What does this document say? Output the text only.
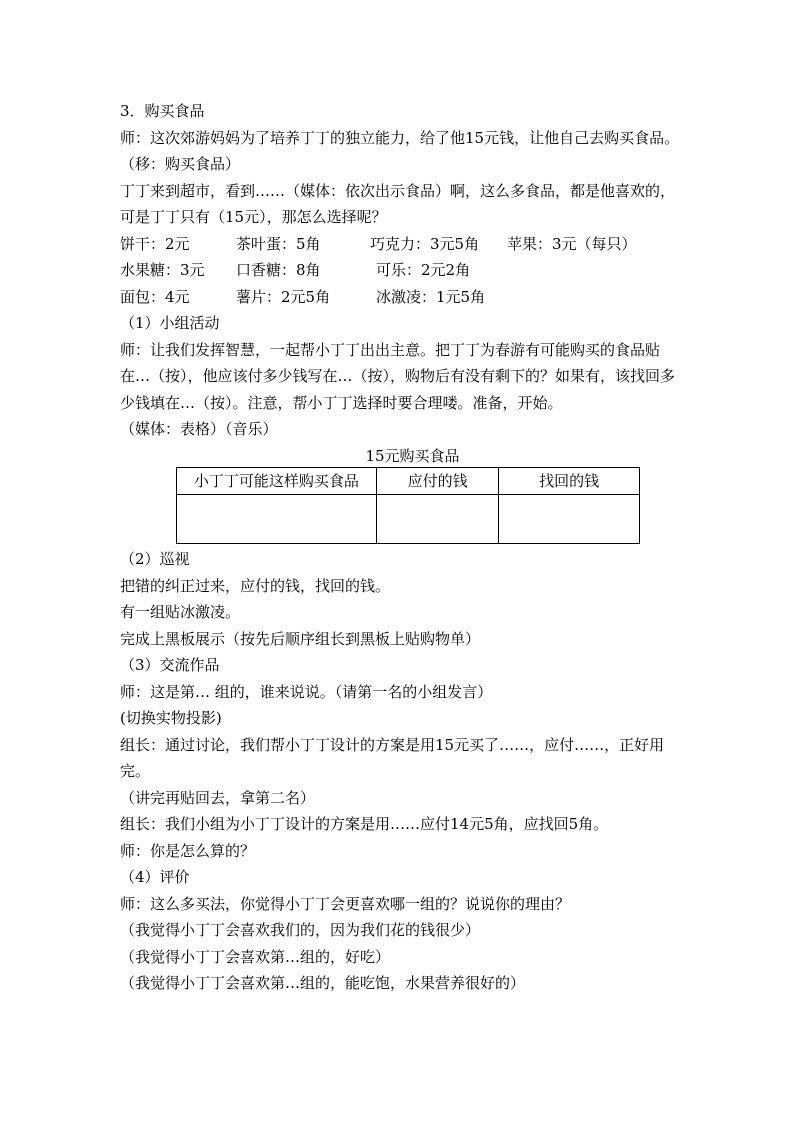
3．购买食品

师：这次郊游妈妈为了培养丁丁的独立能力，给了他15元钱，让他自己去购买食品。（移：购买食品）

丁丁来到超市，看到……（媒体：依次出示食品）啊，这么多食品，都是他喜欢的，可是丁丁只有（15元），那怎么选择呢？

饼干：2元	茶叶蛋：5角	巧克力：3元5角	苹果：3元（每只）
水果糖：3元	口香糖：8角	可乐：2元2角
面包：4元	薯片：2元5角	冰激凌：1元5角

（1）小组活动

师：让我们发挥智慧，一起帮小丁丁出出主意。把丁丁为春游有可能购买的食品贴在…（按），他应该付多少钱写在…（按），购物后有没有剩下的？如果有，该找回多少钱填在…（按）。注意，帮小丁丁选择时要合理喽。准备，开始。

（媒体：表格）（音乐）

15元购买食品
小丁丁可能这样购买食品	应付的钱	找回的钱

（2）巡视

把错的纠正过来，应付的钱，找回的钱。

有一组贴冰激凌。

完成上黑板展示（按先后顺序组长到黑板上贴购物单）

（3）交流作品

师：这是第… 组的，谁来说说。（请第一名的小组发言）

(切换实物投影)

组长：通过讨论，我们帮小丁丁设计的方案是用15元买了……，应付……，正好用完。

（讲完再贴回去，拿第二名）

组长：我们小组为小丁丁设计的方案是用……应付14元5角，应找回5角。

师：你是怎么算的？

（4）评价

师：这么多买法，你觉得小丁丁会更喜欢哪一组的？说说你的理由？

（我觉得小丁丁会喜欢我们的，因为我们花的钱很少）

（我觉得小丁丁会喜欢第…组的，好吃）

（我觉得小丁丁会喜欢第…组的，能吃饱，水果营养很好的）
